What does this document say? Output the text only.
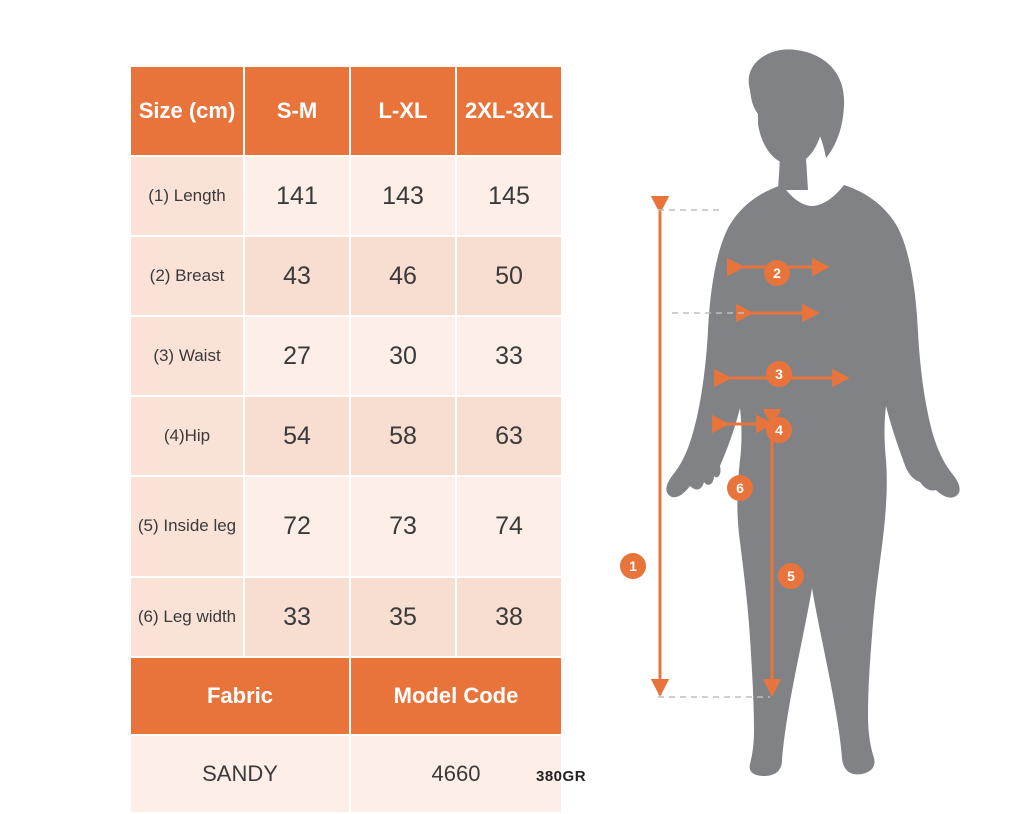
Size (cm)	S-M	L-XL	2XL-3XL
(1) Length	141	143	145
(2) Breast	43	46	50
(3) Waist	27	30	33
(4)Hip	54	58	63
(5) Inside leg	72	73	74
(6) Leg width	33	35	38
Fabric		Model Code	
SANDY		4660		380GR
1
2
3
4
5
6
